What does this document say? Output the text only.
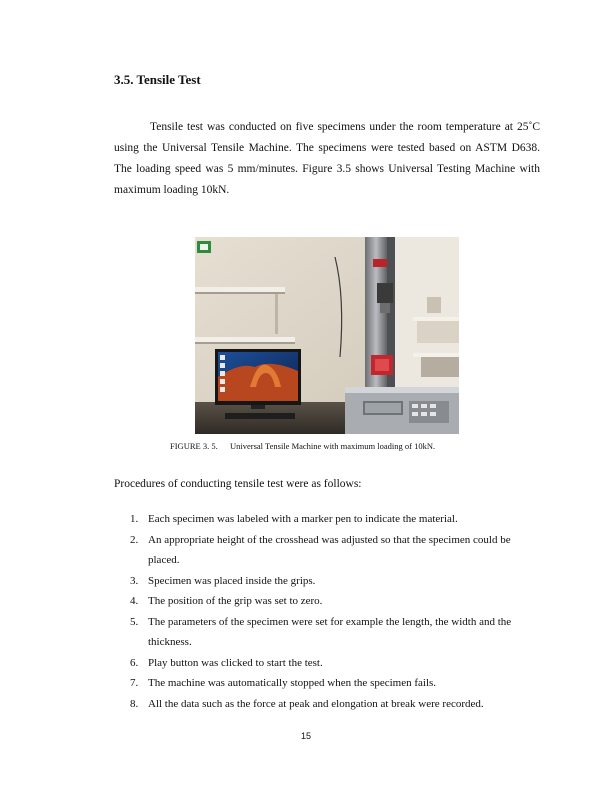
3.5. Tensile Test

Tensile test was conducted on five specimens under the room temperature at 25˚C using the Universal Tensile Machine. The specimens were tested based on ASTM D638. The loading speed was 5 mm/minutes. Figure 3.5 shows Universal Testing Machine with maximum loading 10kN.

FIGURE 3. 5. Universal Tensile Machine with maximum loading of 10kN.

Procedures of conducting tensile test were as follows:

1. Each specimen was labeled with a marker pen to indicate the material.
2. An appropriate height of the crosshead was adjusted so that the specimen could be placed.
3. Specimen was placed inside the grips.
4. The position of the grip was set to zero.
5. The parameters of the specimen were set for example the length, the width and the thickness.
6. Play button was clicked to start the test.
7. The machine was automatically stopped when the specimen fails.
8. All the data such as the force at peak and elongation at break were recorded.

15
